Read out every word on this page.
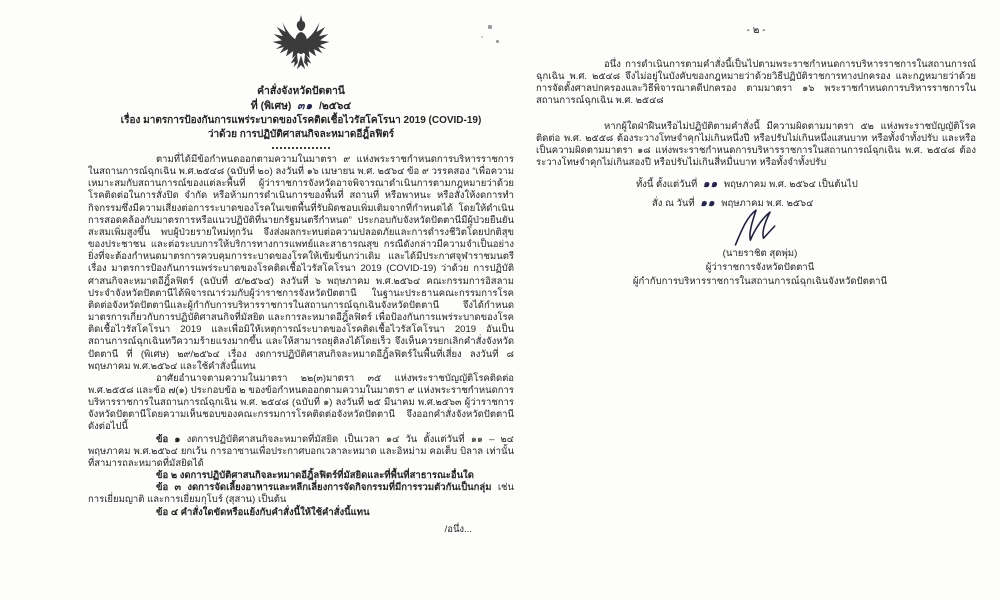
คำสั่งจังหวัดปัตตานี
ที่ (พิเศษ) ๓๑ /๒๕๖๔
เรื่อง มาตรการป้องกันการแพร่ระบาดของโรคติดเชื้อไวรัสโคโรนา 2019 (COVID-19)
ว่าด้วย การปฏิบัติศาสนกิจละหมาดอีฎิ้ลฟิตร์

ตามที่ได้มีข้อกำหนดออกตามความในมาตรา ๙ แห่งพระราชกำหนดการบริหารราชการในสถานการณ์ฉุกเฉิน พ.ศ.๒๕๔๘ (ฉบับที่ ๒๐) ลงวันที่ ๑๖ เมษายน พ.ศ. ๒๕๖๔ ข้อ ๙ วรรคสอง “เพื่อความเหมาะสมกับสถานการณ์ของแต่ละพื้นที่ ผู้ว่าราชการจังหวัดอาจพิจารณาดำเนินการตามกฎหมายว่าด้วยโรคติดต่อในการสั่งปิด จำกัด หรือห้ามการดำเนินการของพื้นที่ สถานที่ หรือพาหนะ หรือสั่งให้งดการทำกิจกรรมซึ่งมีความเสี่ยงต่อการระบาดของโรคในเขตพื้นที่รับผิดชอบเพิ่มเติมจากที่กำหนดได้ โดยให้ดำเนินการสอดคล้องกับมาตรการหรือแนวปฏิบัติที่นายกรัฐมนตรีกำหนด” ประกอบกับจังหวัดปัตตานีมีผู้ป่วยยืนยันสะสมเพิ่มสูงขึ้น พบผู้ป่วยรายใหม่ทุกวัน จึงส่งผลกระทบต่อความปลอดภัยและการดำรงชีวิตโดยปกติสุขของประชาชน และต่อระบบการให้บริการทางการแพทย์และสาธารณสุข กรณีดังกล่าวมีความจำเป็นอย่างยิ่งที่จะต้องกำหนดมาตรการควบคุมการระบาดของโรคให้เข้มข้นกว่าเดิม และได้มีประกาศจุฬาราชมนตรี เรื่อง มาตรการป้องกันการแพร่ระบาดของโรคติดเชื้อไวรัสโคโรนา 2019 (COVID-19) ว่าด้วย การปฏิบัติศาสนกิจละหมาดอีฎิ้ลฟิตร์ (ฉบับที่ ๕/๒๕๖๔) ลงวันที่ ๖ พฤษภาคม พ.ศ.๒๕๖๔ คณะกรรมการอิสลามประจำจังหวัดปัตตานีได้พิจารณาร่วมกับผู้ว่าราชการจังหวัดปัตตานี ในฐานะประธานคณะกรรมการโรคติดต่อจังหวัดปัตตานีและผู้กำกับการบริหารราชการในสถานการณ์ฉุกเฉินจังหวัดปัตตานี จึงได้กำหนดมาตรการเกี่ยวกับการปฏิบัติศาสนกิจที่มัสยิด และการละหมาดอีฎิ้ลฟิตร์ เพื่อป้องกันการแพร่ระบาดของโรคติดเชื้อไวรัสโคโรนา 2019 และเพื่อมิให้เหตุการณ์ระบาดของโรคติดเชื้อไวรัสโคโรนา 2019 อันเป็นสถานการณ์ฉุกเฉินทวีความร้ายแรงมากขึ้น และให้สามารถยุติลงได้โดยเร็ว จึงเห็นควรยกเลิกคำสั่งจังหวัดปัตตานี ที่ (พิเศษ) ๒๙/๒๕๖๔ เรื่อง งดการปฏิบัติศาสนกิจละหมาดอีฎิ้ลฟิตร์ในพื้นที่เสี่ยง ลงวันที่ ๘ พฤษภาคม พ.ศ.๒๕๖๔ และใช้คำสั่งนี้แทน

อาศัยอำนาจตามความในมาตรา ๒๒(๓)มาตรา ๓๕ แห่งพระราชบัญญัติโรคติดต่อ พ.ศ.๒๕๕๘ และข้อ ๗(๑) ประกอบข้อ ๒ ของข้อกำหนดออกตามความในมาตรา ๙ แห่งพระราชกำหนดการบริหารราชการในสถานการณ์ฉุกเฉิน พ.ศ. ๒๕๔๘ (ฉบับที่ ๑) ลงวันที่ ๒๕ มีนาคม พ.ศ.๒๕๖๓ ผู้ว่าราชการจังหวัดปัตตานีโดยความเห็นชอบของคณะกรรมการโรคติดต่อจังหวัดปัตตานี จึงออกคำสั่งจังหวัดปัตตานี ดังต่อไปนี้

ข้อ ๑ งดการปฏิบัติศาสนกิจละหมาดที่มัสยิด เป็นเวลา ๑๔ วัน ตั้งแต่วันที่ ๑๑ – ๒๔ พฤษภาคม พ.ศ.๒๕๖๔ ยกเว้น การอาซานเพื่อประกาศบอกเวลาละหมาด และอิหม่าม คอเต็บ บิลาล เท่านั้นที่สามารถละหมาดที่มัสยิดได้

ข้อ ๒ งดการปฏิบัติศาสนกิจละหมาดอีฎิ้ลฟิตร์ที่มัสยิดและที่พื้นที่สาธารณะอื่นใด

ข้อ ๓ งดการจัดเลี้ยงอาหารและหลีกเลี่ยงการจัดกิจกรรมที่มีการรวมตัวกันเป็นกลุ่ม เช่น การเยี่ยมญาติ และการเยี่ยมกุโบร์ (สุสาน) เป็นต้น

ข้อ ๔ คำสั่งใดขัดหรือแย้งกับคำสั่งนี้ให้ใช้คำสั่งนี้แทน

/อนึ่ง...
- ๒ -

อนึ่ง การดำเนินการตามคำสั่งนี้เป็นไปตามพระราชกำหนดการบริหารราชการในสถานการณ์ฉุกเฉิน พ.ศ. ๒๕๔๘ จึงไม่อยู่ในบังคับของกฎหมายว่าด้วยวิธีปฏิบัติราชการทางปกครอง และกฎหมายว่าด้วยการจัดตั้งศาลปกครองและวิธีพิจารณาคดีปกครอง ตามมาตรา ๑๖ พระราชกำหนดการบริหารราชการในสถานการณ์ฉุกเฉิน พ.ศ. ๒๕๔๘

หากผู้ใดฝ่าฝืนหรือไม่ปฏิบัติตามคำสั่งนี้ มีความผิดตามมาตรา ๕๒ แห่งพระราชบัญญัติโรคติดต่อ พ.ศ. ๒๕๕๘ ต้องระวางโทษจำคุกไม่เกินหนึ่งปี หรือปรับไม่เกินหนึ่งแสนบาท หรือทั้งจำทั้งปรับ และหรือเป็นความผิดตามมาตรา ๑๘ แห่งพระราชกำหนดการบริหารราชการในสถานการณ์ฉุกเฉิน พ.ศ. ๒๕๔๘ ต้องระวางโทษจำคุกไม่เกินสองปี หรือปรับไม่เกินสี่หมื่นบาท หรือทั้งจำทั้งปรับ

ทั้งนี้ ตั้งแต่วันที่ ๑๑ พฤษภาคม พ.ศ. ๒๕๖๔ เป็นต้นไป

สั่ง ณ วันที่ ๑๑ พฤษภาคม พ.ศ. ๒๕๖๔

(นายราชิต สุดพุ่ม)
ผู้ว่าราชการจังหวัดปัตตานี
ผู้กำกับการบริหารราชการในสถานการณ์ฉุกเฉินจังหวัดปัตตานี
